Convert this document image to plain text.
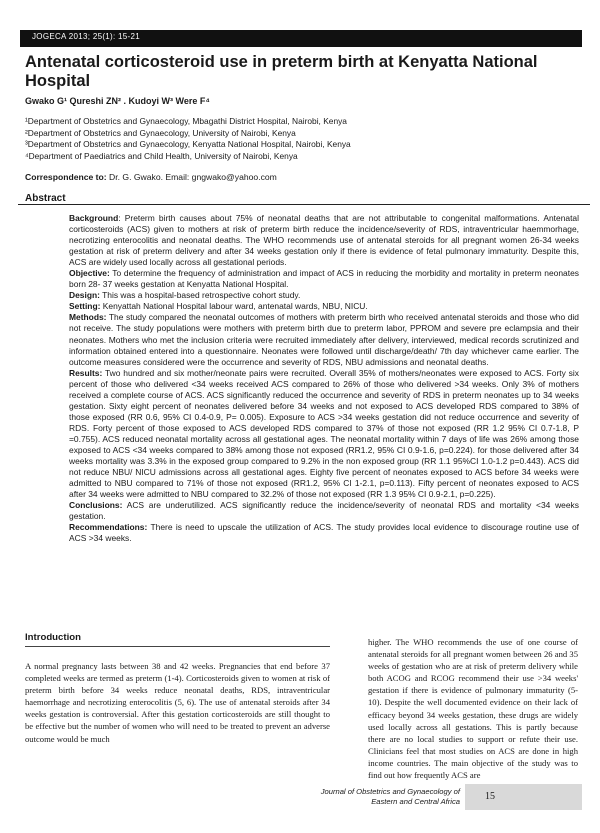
JOGECA 2013; 25(1): 15-21
Antenatal corticosteroid use in preterm birth at Kenyatta National Hospital
Gwako G¹ Qureshi ZN² . Kudoyi W³ Were F⁴
¹Department of Obstetrics and Gynaecology, Mbagathi District Hospital, Nairobi, Kenya
²Department of Obstetrics and Gynaecology, University of Nairobi, Kenya
³Department of Obstetrics and Gynaecology, Kenyatta National Hospital, Nairobi, Kenya
⁴Department of Paediatrics and Child Health, University of Nairobi, Kenya
Correspondence to: Dr. G. Gwako. Email: gngwako@yahoo.com
Abstract

Background: Preterm birth causes about 75% of neonatal deaths that are not attributable to congenital malformations. Antenatal corticosteroids (ACS) given to mothers at risk of preterm birth reduce the incidence/severity of RDS, intraventricular haemmorhage, necrotizing enterocolitis and neonatal deaths. The WHO recommends use of antenatal steroids for all pregnant women 26-34 weeks gestation at risk of preterm delivery and after 34 weeks gestation only if there is evidence of fetal pulmonary immaturity. Despite this, ACS are widely used locally across all gestational periods.

Objective: To determine the frequency of administration and impact of ACS in reducing the morbidity and mortality in preterm neonates born 28- 37 weeks gestation at Kenyatta National Hospital.

Design: This was a hospital-based retrospective cohort study.

Setting: Kenyattah National Hospital labour ward, antenatal wards, NBU, NICU.

Methods: The study compared the neonatal outcomes of mothers with preterm birth who received antenatal steroids and those who did not receive. The study populations were mothers with preterm birth due to preterm labor, PPROM and severe pre eclampsia and their neonates. Mothers who met the inclusion criteria were recruited immediately after delivery, interviewed, medical records scrutinized and information obtained entered into a questionnaire. Neonates were followed until discharge/death/ 7th day whichever came earlier. The outcome measures considered were the occurrence and severity of RDS, NBU admissions and neonatal deaths.

Results: Two hundred and six mother/neonate pairs were recruited. Overall 35% of mothers/neonates were exposed to ACS. Forty six percent of those who delivered <34 weeks received ACS compared to 26% of those who delivered >34 weeks. Only 3% of mothers received a complete course of ACS. ACS significantly reduced the occurrence and severity of RDS in preterm neonates up to 34 weeks gestation. Sixty eight percent of neonates delivered before 34 weeks and not exposed to ACS developed RDS compared to 38% of those exposed (RR 0.6, 95% CI 0.4-0.9, P= 0.005). Exposure to ACS >34 weeks gestation did not reduce occurrence and severity of RDS. Forty percent of those exposed to ACS developed RDS compared to 37% of those not exposed (RR 1.2 95% CI 0.7-1.8, P =0.755). ACS reduced neonatal mortality across all gestational ages. The neonatal mortality within 7 days of life was 26% among those exposed to ACS <34 weeks compared to 38% among those not exposed (RR1.2, 95% CI 0.9-1.6, p=0.224). for those delivered after 34 weeks mortality was 3.3% in the exposed group compared to 9.2% in the non exposed group (RR 1.1 95%CI 1.0-1.2 p=0.443). ACS did not reduce NBU/ NICU admissions across all gestational ages. Eighty five percent of neonates exposed to ACS before 34 weeks were admitted to NBU compared to 71% of those not exposed (RR1.2, 95% CI 1-2.1, p=0.113). Fifty percent of neonates exposed to ACS after 34 weeks were admitted to NBU compared to 32.2% of those not exposed (RR 1.3 95% CI 0.9-2.1, p=0.225).

Conclusions: ACS are underutilized. ACS significantly reduce the incidence/severity of neonatal RDS and mortality <34 weeks gestation.

Recommendations: There is need to upscale the utilization of ACS. The study provides local evidence to discourage routine use of ACS >34 weeks.

Introduction

A normal pregnancy lasts between 38 and 42 weeks. Pregnancies that end before 37 completed weeks are termed as preterm (1-4). Corticosteroids given to women at risk of preterm birth before 34 weeks reduce neonatal deaths, RDS, intraventricular haemorrhage and necrotizing enterocolitis (5, 6). The use of antenatal steroids after 34 weeks gestation is controversial. After this gestation corticosteroids are still thought to be effective but the number of women who will need to be treated to prevent an adverse outcome would be much

higher. The WHO recommends the use of one course of antenatal steroids for all pregnant women between 26 and 35 weeks of gestation who are at risk of preterm delivery while both ACOG and RCOG recommend their use >34 weeks' gestation if there is evidence of pulmonary immaturity (5-10). Despite the well documented evidence on their lack of efficacy beyond 34 weeks gestation, these drugs are widely used locally across all gestations. This is partly because there are no local studies to support or refute their use. Clinicians feel that most studies on ACS are done in high income countries. The main objective of the study was to find out how frequently ACS are

Journal of Obstetrics and Gynaecology of
Eastern and Central Africa	15
